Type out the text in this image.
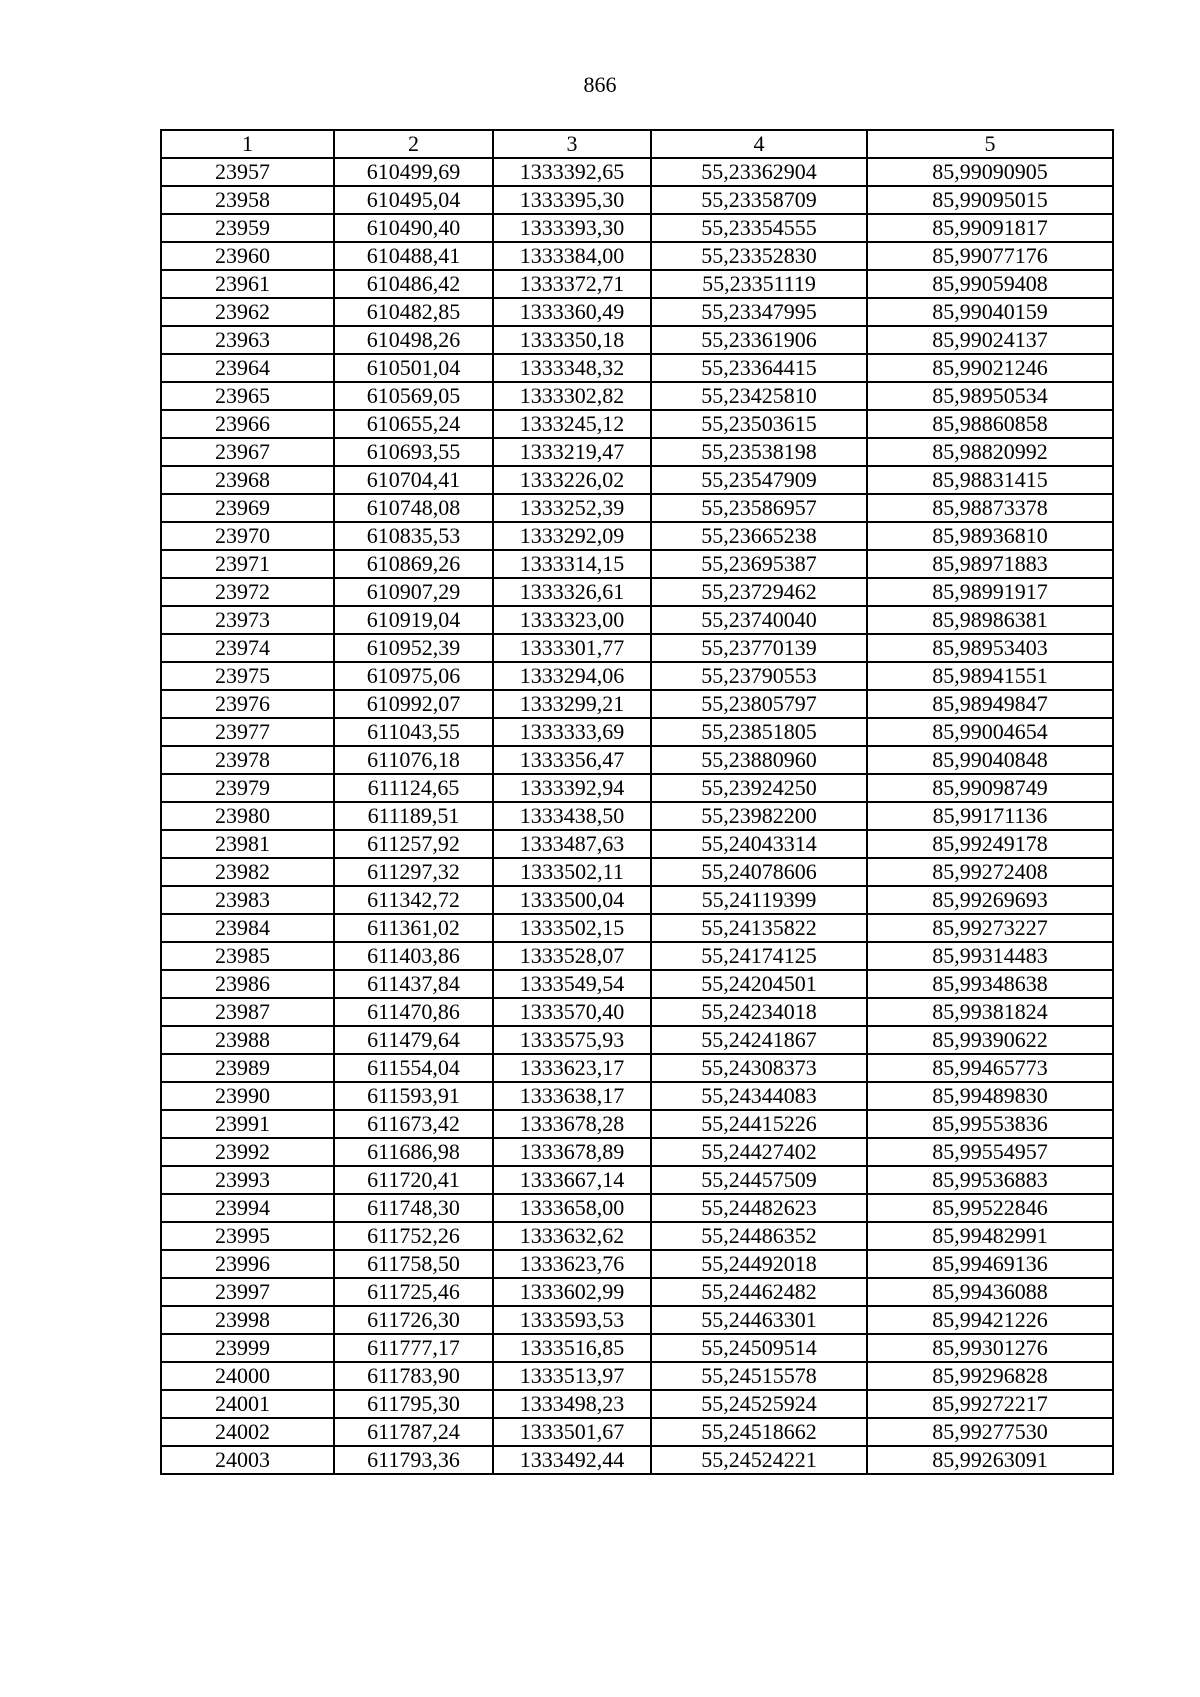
866
1	2	3	4	5
23957	610499,69	1333392,65	55,23362904	85,99090905
23958	610495,04	1333395,30	55,23358709	85,99095015
23959	610490,40	1333393,30	55,23354555	85,99091817
23960	610488,41	1333384,00	55,23352830	85,99077176
23961	610486,42	1333372,71	55,23351119	85,99059408
23962	610482,85	1333360,49	55,23347995	85,99040159
23963	610498,26	1333350,18	55,23361906	85,99024137
23964	610501,04	1333348,32	55,23364415	85,99021246
23965	610569,05	1333302,82	55,23425810	85,98950534
23966	610655,24	1333245,12	55,23503615	85,98860858
23967	610693,55	1333219,47	55,23538198	85,98820992
23968	610704,41	1333226,02	55,23547909	85,98831415
23969	610748,08	1333252,39	55,23586957	85,98873378
23970	610835,53	1333292,09	55,23665238	85,98936810
23971	610869,26	1333314,15	55,23695387	85,98971883
23972	610907,29	1333326,61	55,23729462	85,98991917
23973	610919,04	1333323,00	55,23740040	85,98986381
23974	610952,39	1333301,77	55,23770139	85,98953403
23975	610975,06	1333294,06	55,23790553	85,98941551
23976	610992,07	1333299,21	55,23805797	85,98949847
23977	611043,55	1333333,69	55,23851805	85,99004654
23978	611076,18	1333356,47	55,23880960	85,99040848
23979	611124,65	1333392,94	55,23924250	85,99098749
23980	611189,51	1333438,50	55,23982200	85,99171136
23981	611257,92	1333487,63	55,24043314	85,99249178
23982	611297,32	1333502,11	55,24078606	85,99272408
23983	611342,72	1333500,04	55,24119399	85,99269693
23984	611361,02	1333502,15	55,24135822	85,99273227
23985	611403,86	1333528,07	55,24174125	85,99314483
23986	611437,84	1333549,54	55,24204501	85,99348638
23987	611470,86	1333570,40	55,24234018	85,99381824
23988	611479,64	1333575,93	55,24241867	85,99390622
23989	611554,04	1333623,17	55,24308373	85,99465773
23990	611593,91	1333638,17	55,24344083	85,99489830
23991	611673,42	1333678,28	55,24415226	85,99553836
23992	611686,98	1333678,89	55,24427402	85,99554957
23993	611720,41	1333667,14	55,24457509	85,99536883
23994	611748,30	1333658,00	55,24482623	85,99522846
23995	611752,26	1333632,62	55,24486352	85,99482991
23996	611758,50	1333623,76	55,24492018	85,99469136
23997	611725,46	1333602,99	55,24462482	85,99436088
23998	611726,30	1333593,53	55,24463301	85,99421226
23999	611777,17	1333516,85	55,24509514	85,99301276
24000	611783,90	1333513,97	55,24515578	85,99296828
24001	611795,30	1333498,23	55,24525924	85,99272217
24002	611787,24	1333501,67	55,24518662	85,99277530
24003	611793,36	1333492,44	55,24524221	85,99263091
